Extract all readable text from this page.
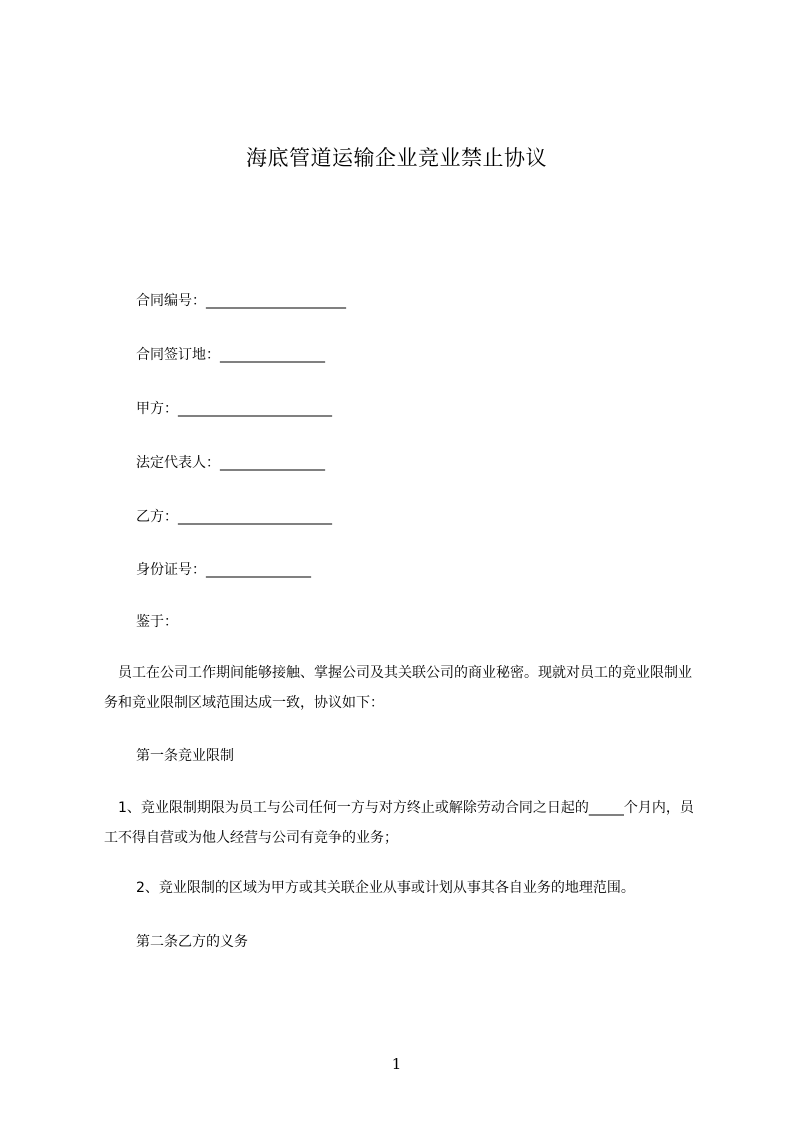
海底管道运输企业竞业禁止协议
合同编号：____________________
合同签订地：_______________
甲方：______________________
法定代表人：_______________
乙方：______________________
身份证号：_______________
鉴于：
　员工在公司工作期间能够接触、掌握公司及其关联公司的商业秘密。现就对员工的竞业限制业务和竞业限制区域范围达成一致，协议如下：
第一条竞业限制
　1、竞业限制期限为员工与公司任何一方与对方终止或解除劳动合同之日起的_____个月内，员工不得自营或为他人经营与公司有竞争的业务；
2、竞业限制的区域为甲方或其关联企业从事或计划从事其各自业务的地理范围。
第二条乙方的义务
1
